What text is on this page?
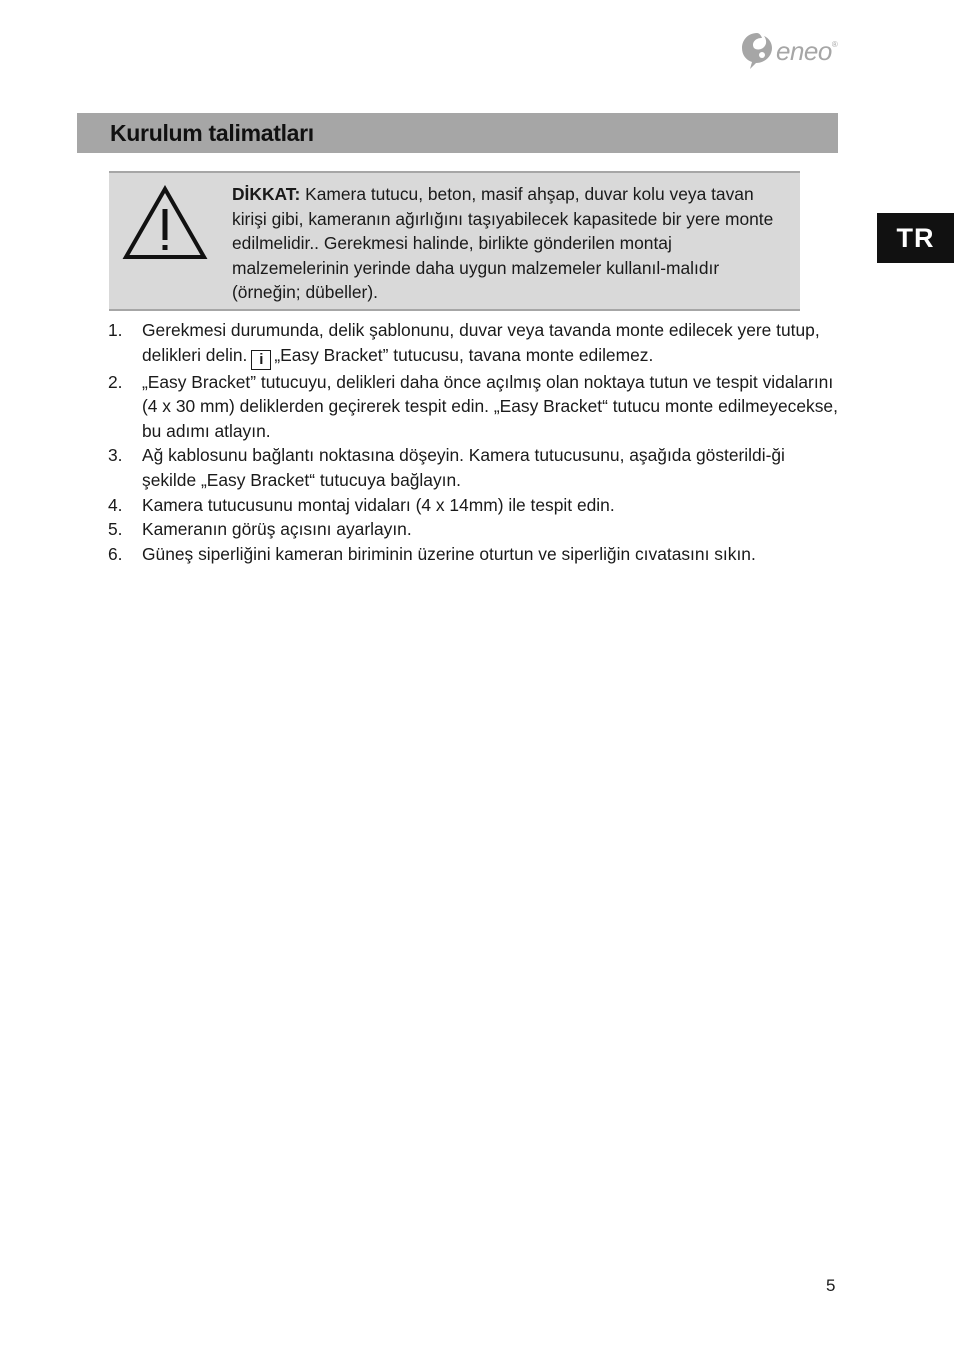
eneo ®
Kurulum talimatları
TR
DİKKAT: Kamera tutucu, beton, masif ahşap, duvar kolu veya tavan kirişi gibi, kameranın ağırlığını taşıyabilecek kapasitede bir yere monte edilmelidir.. Gerekmesi halinde, birlikte gönderilen montaj malzemelerinin yerinde daha uygun malzemeler kullanıl-malıdır (örneğin; dübeller).
1. Gerekmesi durumunda, delik şablonunu, duvar veya tavanda monte edilecek yere tutup, delikleri delin. i „Easy Bracket” tutucusu, tavana monte edilemez.
2. „Easy Bracket” tutucuyu, delikleri daha önce açılmış olan noktaya tutun ve tespit vidalarını (4 x 30 mm) deliklerden geçirerek tespit edin. „Easy Bracket“ tutucu monte edilmeyecekse, bu adımı atlayın.
3. Ağ kablosunu bağlantı noktasına döşeyin. Kamera tutucusunu, aşağıda gösterildi-ği şekilde „Easy Bracket“ tutucuya bağlayın.
4. Kamera tutucusunu montaj vidaları (4 x 14mm) ile tespit edin.
5. Kameranın görüş açısını ayarlayın.
6. Güneş siperliğini kameran biriminin üzerine oturtun ve siperliğin cıvatasını sıkın.
5
